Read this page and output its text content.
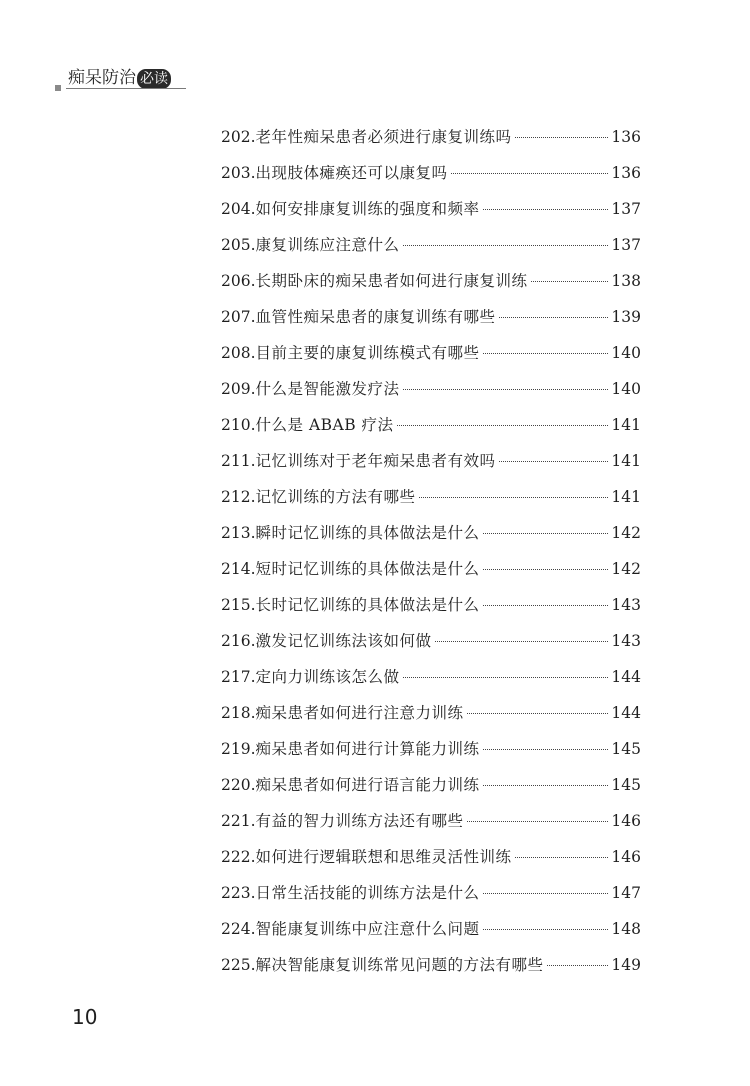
痴呆防治 必读
202. 老年性痴呆患者必须进行康复训练吗	136
203. 出现肢体瘫痪还可以康复吗	136
204. 如何安排康复训练的强度和频率	137
205. 康复训练应注意什么	137
206. 长期卧床的痴呆患者如何进行康复训练	138
207. 血管性痴呆患者的康复训练有哪些	139
208. 目前主要的康复训练模式有哪些	140
209. 什么是智能激发疗法	140
210. 什么是 ABAB 疗法	141
211. 记忆训练对于老年痴呆患者有效吗	141
212. 记忆训练的方法有哪些	141
213. 瞬时记忆训练的具体做法是什么	142
214. 短时记忆训练的具体做法是什么	142
215. 长时记忆训练的具体做法是什么	143
216. 激发记忆训练法该如何做	143
217. 定向力训练该怎么做	144
218. 痴呆患者如何进行注意力训练	144
219. 痴呆患者如何进行计算能力训练	145
220. 痴呆患者如何进行语言能力训练	145
221. 有益的智力训练方法还有哪些	146
222. 如何进行逻辑联想和思维灵活性训练	146
223. 日常生活技能的训练方法是什么	147
224. 智能康复训练中应注意什么问题	148
225. 解决智能康复训练常见问题的方法有哪些	149
10
